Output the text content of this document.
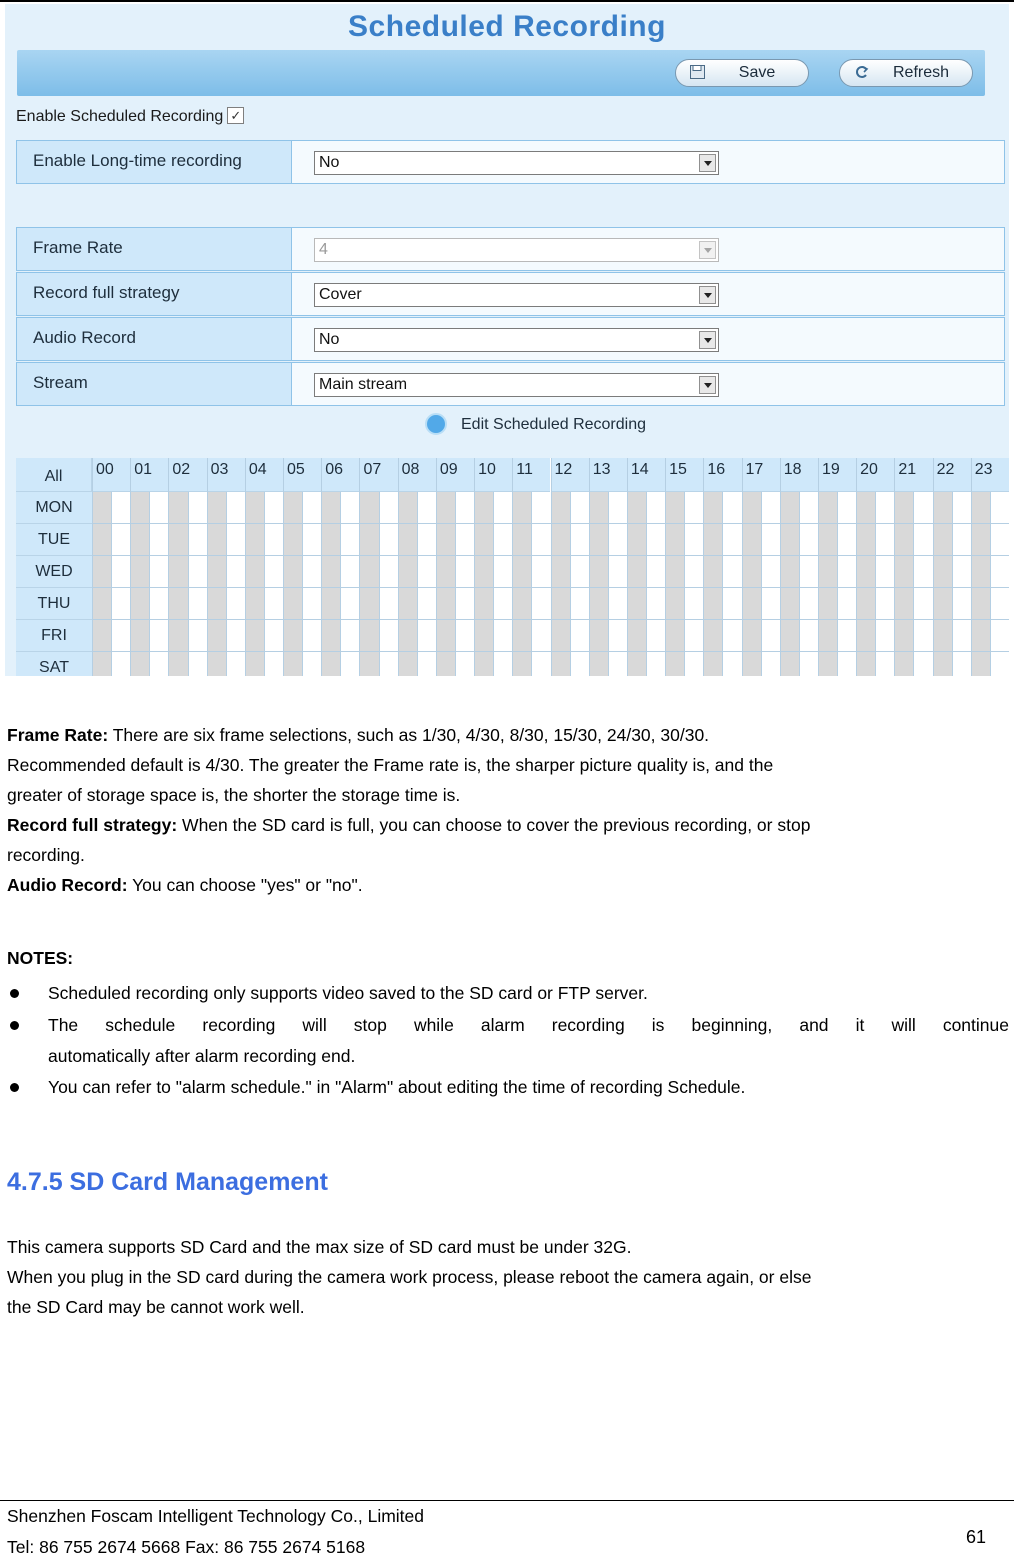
Scheduled Recording
Save	Refresh
Enable Scheduled Recording ✓
Enable Long-time recording	No
Frame Rate	4
Record full strategy	Cover
Audio Record	No
Stream	Main stream
Edit Scheduled Recording
All	00 01 02 03 04 05 06 07 08 09 10 11 12 13 14 15 16 17 18 19 20 21 22 23
MON
TUE
WED
THU
FRI
SAT
Frame Rate: There are six frame selections, such as 1/30, 4/30, 8/30, 15/30, 24/30, 30/30.
Recommended default is 4/30. The greater the Frame rate is, the sharper picture quality is, and the
greater of storage space is, the shorter the storage time is.
Record full strategy: When the SD card is full, you can choose to cover the previous recording, or stop
recording.
Audio Record: You can choose "yes" or "no".
NOTES:
Scheduled recording only supports video saved to the SD card or FTP server.
The schedule recording will stop while alarm recording is beginning, and it will continue
automatically after alarm recording end.
You can refer to "alarm schedule." in "Alarm" about editing the time of recording Schedule.
4.7.5 SD Card Management
This camera supports SD Card and the max size of SD card must be under 32G.
When you plug in the SD card during the camera work process, please reboot the camera again, or else
the SD Card may be cannot work well.
Shenzhen Foscam Intelligent Technology Co., Limited
Tel: 86 755 2674 5668 Fax: 86 755 2674 5168	61
